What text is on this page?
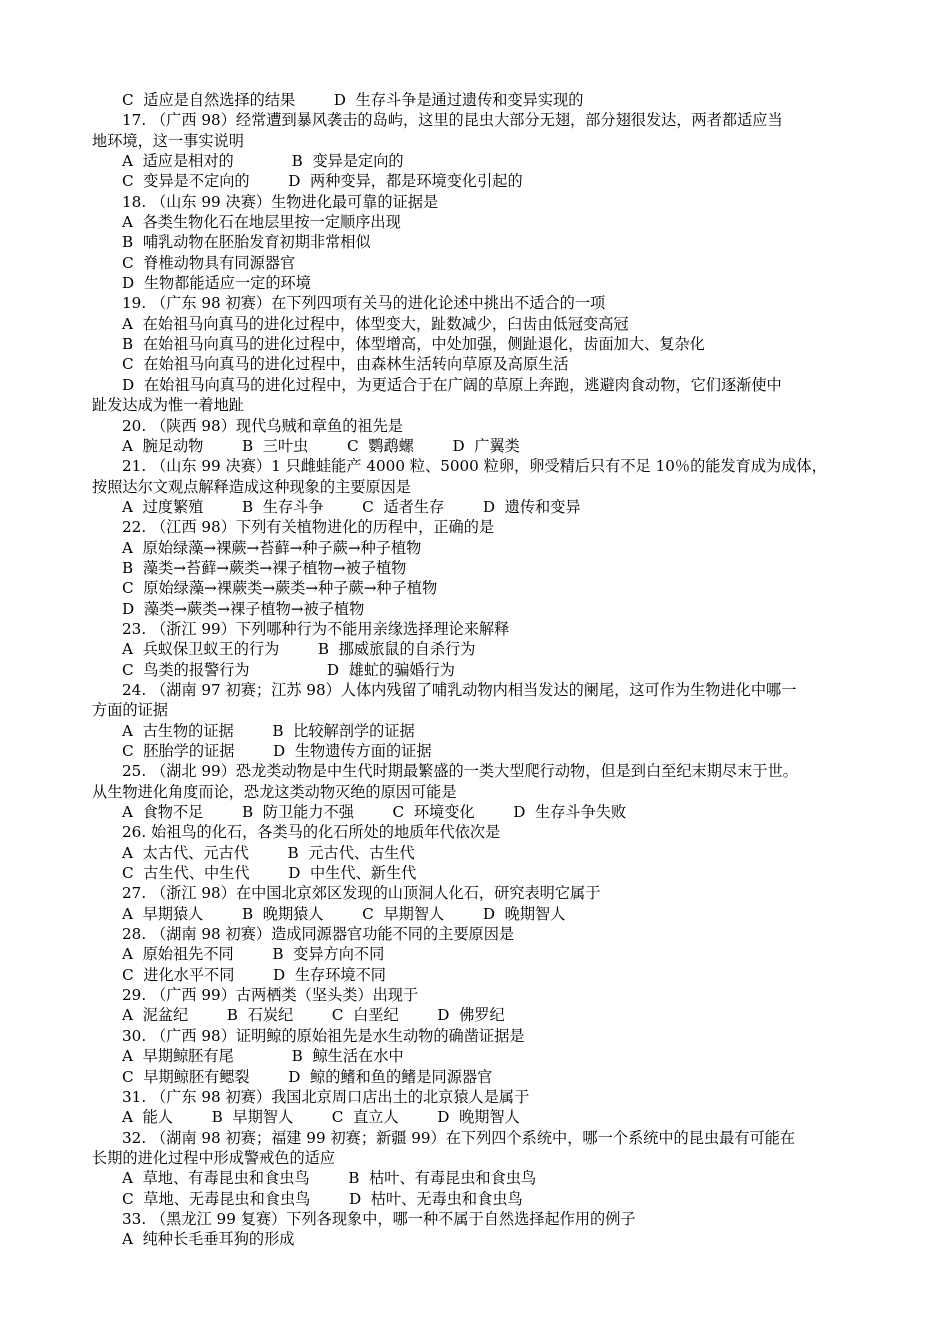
C  适应是自然选择的结果        D  生存斗争是通过遗传和变异实现的
17. （广西 98）经常遭到暴风袭击的岛屿，这里的昆虫大部分无翅，部分翅很发达，两者都适应当
地环境，这一事实说明
A  适应是相对的            B  变异是定向的
C  变异是不定向的        D  两种变异，都是环境变化引起的
18. （山东 99 决赛）生物进化最可靠的证据是
A  各类生物化石在地层里按一定顺序出现
B  哺乳动物在胚胎发育初期非常相似
C  脊椎动物具有同源器官
D  生物都能适应一定的环境
19. （广东 98 初赛）在下列四项有关马的进化论述中挑出不适合的一项
A  在始祖马向真马的进化过程中，体型变大，趾数减少，臼齿由低冠变高冠
B  在始祖马向真马的进化过程中，体型增高，中处加强，侧趾退化，齿面加大、复杂化
C  在始祖马向真马的进化过程中，由森林生活转向草原及高原生活
D  在始祖马向真马的进化过程中，为更适合于在广阔的草原上奔跑，逃避肉食动物，它们逐渐使中
趾发达成为惟一着地趾
20. （陕西 98）现代乌贼和章鱼的祖先是
A  腕足动物        B  三叶虫        C  鹦鹉螺        D  广翼类
21. （山东 99 决赛）1 只雌蛙能产 4000 粒、5000 粒卵，卵受精后只有不足 10％的能发育成为成体，
按照达尔文观点解释造成这种现象的主要原因是
A  过度繁殖        B  生存斗争        C  适者生存        D  遗传和变异
22. （江西 98）下列有关植物进化的历程中，正确的是
A  原始绿藻→裸蕨→苔藓→种子蕨→种子植物
B  藻类→苔藓→蕨类→裸子植物→被子植物
C  原始绿藻→裸蕨类→蕨类→种子蕨→种子植物
D  藻类→蕨类→裸子植物→被子植物
23. （浙江 99）下列哪种行为不能用亲缘选择理论来解释
A  兵蚁保卫蚁王的行为        B  挪威旅鼠的自杀行为
C  鸟类的报警行为                D  雄虻的骗婚行为
24. （湖南 97 初赛；江苏 98）人体内残留了哺乳动物内相当发达的阑尾，这可作为生物进化中哪一
方面的证据
A  古生物的证据        B  比较解剖学的证据
C  胚胎学的证据        D  生物遗传方面的证据
25. （湖北 99）恐龙类动物是中生代时期最繁盛的一类大型爬行动物，但是到白至纪末期尽末于世。
从生物进化角度而论，恐龙这类动物灭绝的原因可能是
A  食物不足        B  防卫能力不强        C  环境变化        D  生存斗争失败
26. 始祖鸟的化石，各类马的化石所处的地质年代依次是
A  太古代、元古代        B  元古代、古生代
C  古生代、中生代        D  中生代、新生代
27. （浙江 98）在中国北京郊区发现的山顶洞人化石，研究表明它属于
A  早期猿人        B  晚期猿人        C  早期智人        D  晚期智人
28. （湖南 98 初赛）造成同源器官功能不同的主要原因是
A  原始祖先不同        B  变异方向不同
C  进化水平不同        D  生存环境不同
29. （广西 99）古两栖类（坚头类）出现于
A  泥盆纪        B  石炭纪        C  白垩纪        D  佛罗纪
30. （广西 98）证明鲸的原始祖先是水生动物的确凿证据是
A  早期鲸胚有尾            B  鲸生活在水中
C  早期鲸胚有鳃裂        D  鲸的鳍和鱼的鳍是同源器官
31. （广东 98 初赛）我国北京周口店出土的北京猿人是属于
A  能人        B  早期智人        C  直立人        D  晚期智人
32. （湖南 98 初赛；福建 99 初赛；新疆 99）在下列四个系统中，哪一个系统中的昆虫最有可能在
长期的进化过程中形成警戒色的适应
A  草地、有毒昆虫和食虫鸟        B  枯叶、有毒昆虫和食虫鸟
C  草地、无毒昆虫和食虫鸟        D  枯叶、无毒虫和食虫鸟
33. （黑龙江 99 复赛）下列各现象中，哪一种不属于自然选择起作用的例子
A  纯种长毛垂耳狗的形成
